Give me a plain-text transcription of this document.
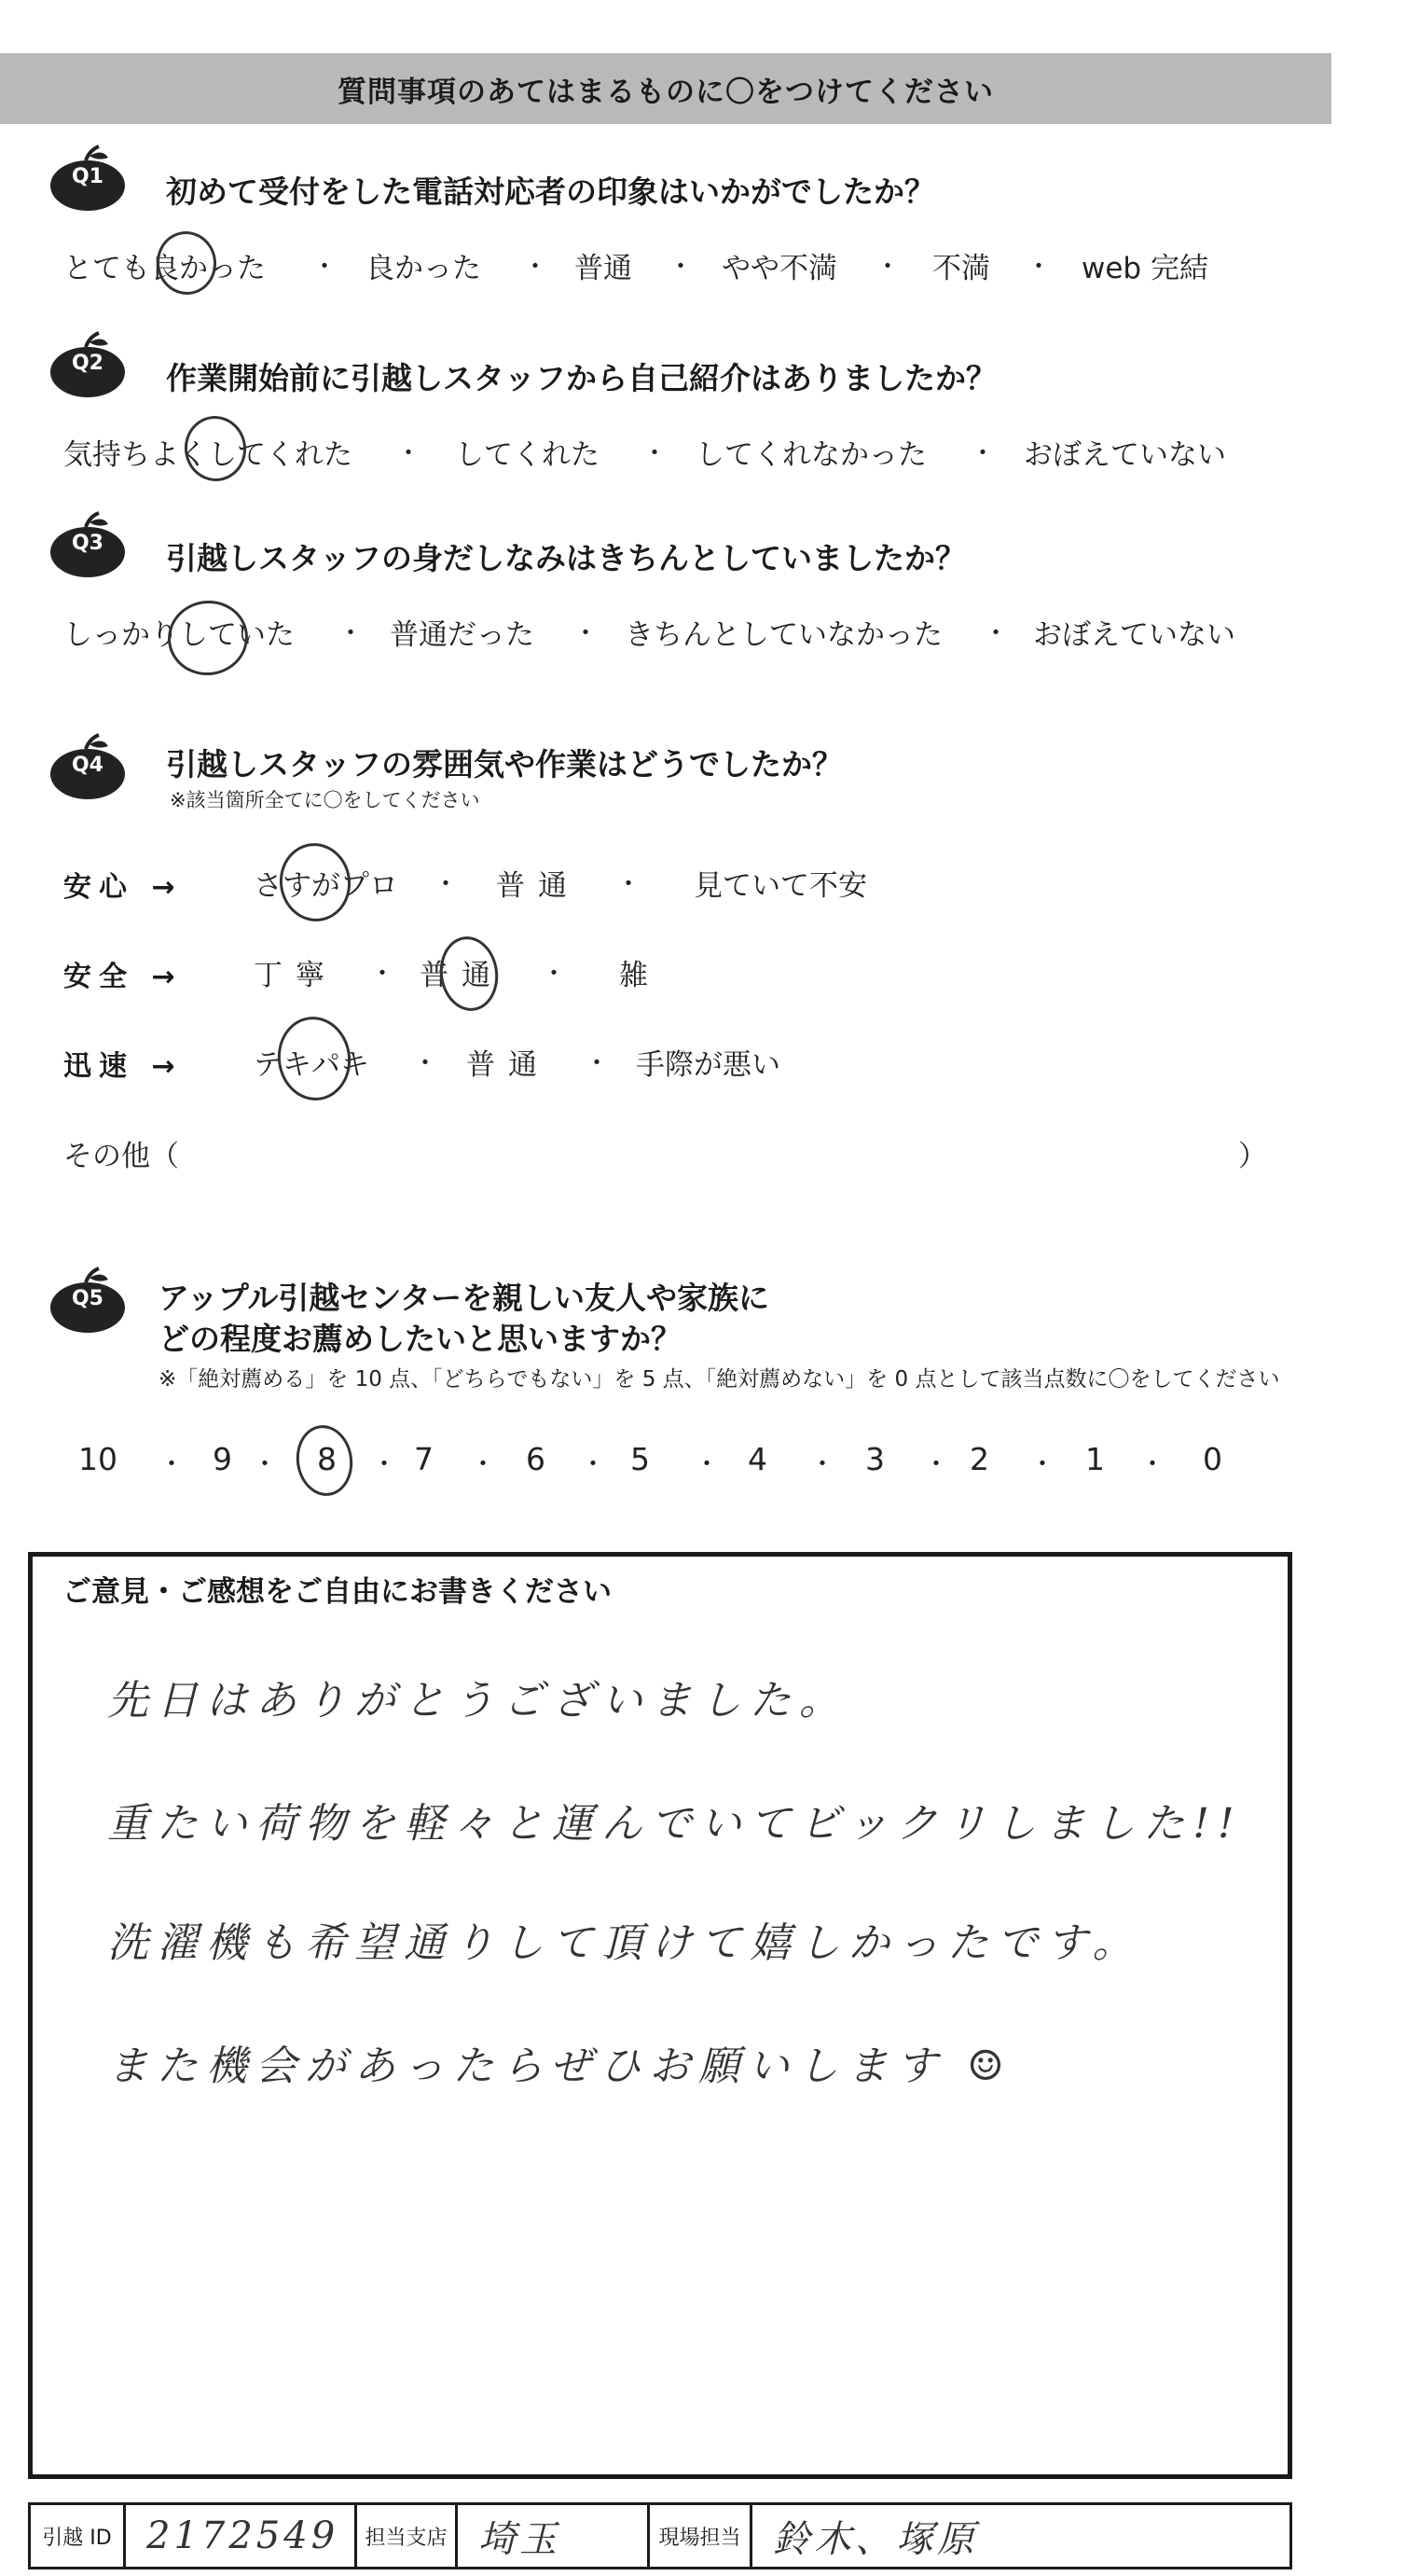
質問事項のあてはまるものに〇をつけてください
Q1	初めて受付をした電話対応者の印象はいかがでしたか？
とても良かった ・ 良かった ・ 普通 ・ やや不満 ・ 不満 ・ web 完結
Q2	作業開始前に引越しスタッフから自己紹介はありましたか？
気持ちよくしてくれた ・ してくれた ・ してくれなかった ・ おぼえていない
Q3	引越しスタッフの身だしなみはきちんとしていましたか？
しっかりしていた ・ 普通だった ・ きちんとしていなかった ・ おぼえていない
Q4	引越しスタッフの雰囲気や作業はどうでしたか？
※該当箇所全てに〇をしてください
安心 → さすがプロ ・ 普通 ・ 見ていて不安
安全 → 丁寧 ・ 普通 ・ 雑
迅速 → テキパキ ・ 普通 ・ 手際が悪い
その他（	）
Q5	アップル引越センターを親しい友人や家族に
どの程度お薦めしたいと思いますか？
※「絶対薦める」を 10 点、「どちらでもない」を 5 点、「絶対薦めない」を 0 点として該当点数に〇をしてください
10 ・ 9 ・ 8 ・ 7 ・ 6 ・ 5 ・ 4 ・ 3 ・ 2 ・ 1 ・ 0
ご意見・ご感想をご自由にお書きください
先日はありがとうございました。
重たい荷物を軽々と運んでいてビックリしました!!
洗濯機も希望通りして頂けて嬉しかったです。
また機会があったらぜひお願いします ☺
引越 ID 2172549	担当支店 埼玉	現場担当 鈴木、塚原
